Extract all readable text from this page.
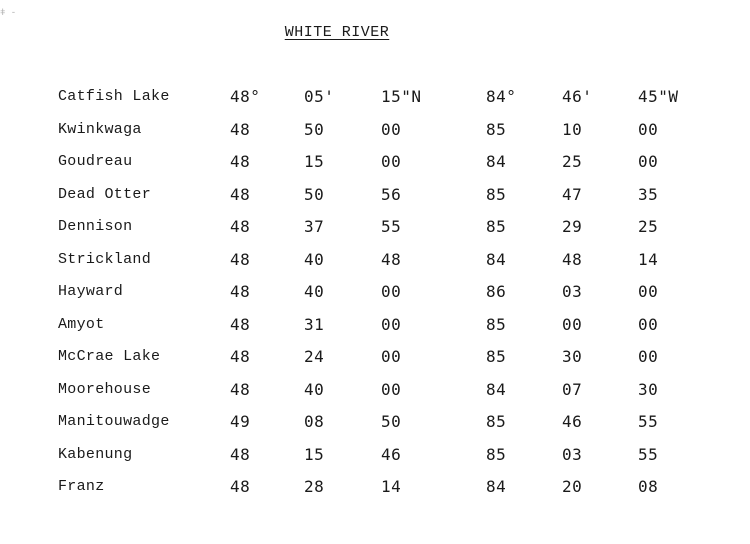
ǂ -
WHITE RIVER
Catfish Lake	48°	05'	15"N	84°	46'	45"W
Kwinkwaga	48	50	00	85	10	00
Goudreau	48	15	00	84	25	00
Dead Otter	48	50	56	85	47	35
Dennison	48	37	55	85	29	25
Strickland	48	40	48	84	48	14
Hayward	48	40	00	86	03	00
Amyot	48	31	00	85	00	00
McCrae Lake	48	24	00	85	30	00
Moorehouse	48	40	00	84	07	30
Manitouwadge	49	08	50	85	46	55
Kabenung	48	15	46	85	03	55
Franz	48	28	14	84	20	08
